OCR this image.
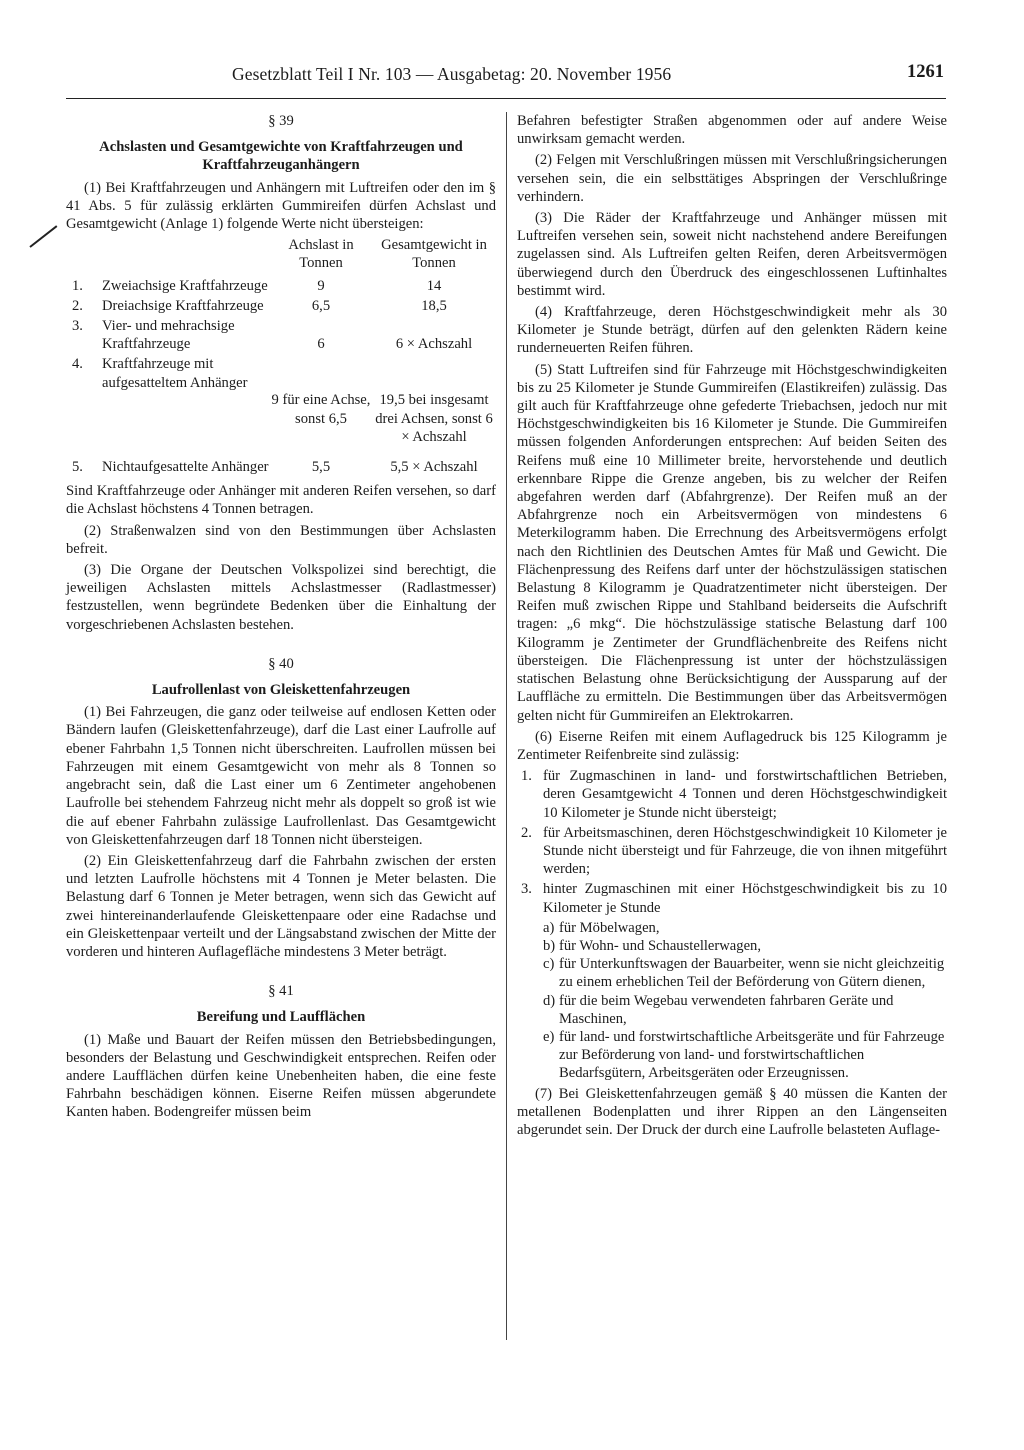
Gesetzblatt Teil I Nr. 103 — Ausgabetag: 20. November 1956	1261

§ 39

Achslasten und Gesamtgewichte von Kraftfahrzeugen und Kraftfahrzeuganhängern

(1) Bei Kraftfahrzeugen und Anhängern mit Luftreifen oder den im § 41 Abs. 5 für zulässig erklärten Gummireifen dürfen Achslast und Gesamtgewicht (Anlage 1) folgende Werte nicht übersteigen:

		Achslast in Tonnen	Gesamtgewicht in Tonnen
1.	Zweiachsige Kraftfahrzeuge	9	14
2.	Dreiachsige Kraftfahrzeuge	6,5	18,5
3.	Vier- und mehrachsige Kraftfahrzeuge	6	6 × Achszahl
4.	Kraftfahrzeuge mit aufgesatteltem Anhänger	9 für eine Achse, sonst 6,5	19,5 bei insgesamt drei Achsen, sonst 6 × Achszahl
5.	Nichtaufgesattelte Anhänger	5,5	5,5 × Achszahl

Sind Kraftfahrzeuge oder Anhänger mit anderen Reifen versehen, so darf die Achslast höchstens 4 Tonnen betragen.

(2) Straßenwalzen sind von den Bestimmungen über Achslasten befreit.

(3) Die Organe der Deutschen Volkspolizei sind berechtigt, die jeweiligen Achslasten mittels Achslastmesser (Radlastmesser) festzustellen, wenn begründete Bedenken über die Einhaltung der vorgeschriebenen Achslasten bestehen.

§ 40

Laufrollenlast von Gleiskettenfahrzeugen

(1) Bei Fahrzeugen, die ganz oder teilweise auf endlosen Ketten oder Bändern laufen (Gleiskettenfahrzeuge), darf die Last einer Laufrolle auf ebener Fahrbahn 1,5 Tonnen nicht überschreiten. Laufrollen müssen bei Fahrzeugen mit einem Gesamtgewicht von mehr als 8 Tonnen so angebracht sein, daß die Last einer um 6 Zentimeter angehobenen Laufrolle bei stehendem Fahrzeug nicht mehr als doppelt so groß ist wie die auf ebener Fahrbahn zulässige Laufrollenlast. Das Gesamtgewicht von Gleiskettenfahrzeugen darf 18 Tonnen nicht übersteigen.

(2) Ein Gleiskettenfahrzeug darf die Fahrbahn zwischen der ersten und letzten Laufrolle höchstens mit 4 Tonnen je Meter belasten. Die Belastung darf 6 Tonnen je Meter betragen, wenn sich das Gewicht auf zwei hintereinanderlaufende Gleiskettenpaare oder eine Radachse und ein Gleiskettenpaar verteilt und der Längsabstand zwischen der Mitte der vorderen und hinteren Auflagefläche mindestens 3 Meter beträgt.

§ 41

Bereifung und Laufflächen

(1) Maße und Bauart der Reifen müssen den Betriebsbedingungen, besonders der Belastung und Geschwindigkeit entsprechen. Reifen oder andere Laufflächen dürfen keine Unebenheiten haben, die eine feste Fahrbahn beschädigen können. Eiserne Reifen müssen abgerundete Kanten haben. Bodengreifer müssen beim

Befahren befestigter Straßen abgenommen oder auf andere Weise unwirksam gemacht werden.

(2) Felgen mit Verschlußringen müssen mit Verschlußringsicherungen versehen sein, die ein selbsttätiges Abspringen der Verschlußringe verhindern.

(3) Die Räder der Kraftfahrzeuge und Anhänger müssen mit Luftreifen versehen sein, soweit nicht nachstehend andere Bereifungen zugelassen sind. Als Luftreifen gelten Reifen, deren Arbeitsvermögen überwiegend durch den Überdruck des eingeschlossenen Luftinhaltes bestimmt wird.

(4) Kraftfahrzeuge, deren Höchstgeschwindigkeit mehr als 30 Kilometer je Stunde beträgt, dürfen auf den gelenkten Rädern keine runderneuerten Reifen führen.

(5) Statt Luftreifen sind für Fahrzeuge mit Höchstgeschwindigkeiten bis zu 25 Kilometer je Stunde Gummireifen (Elastikreifen) zulässig. Das gilt auch für Kraftfahrzeuge ohne gefederte Triebachsen, jedoch nur mit Höchstgeschwindigkeiten bis 16 Kilometer je Stunde. Die Gummireifen müssen folgenden Anforderungen entsprechen: Auf beiden Seiten des Reifens muß eine 10 Millimeter breite, hervorstehende und deutlich erkennbare Rippe die Grenze angeben, bis zu welcher der Reifen abgefahren werden darf (Abfahrgrenze). Der Reifen muß an der Abfahrgrenze noch ein Arbeitsvermögen von mindestens 6 Meterkilogramm haben. Die Errechnung des Arbeitsvermögens erfolgt nach den Richtlinien des Deutschen Amtes für Maß und Gewicht. Die Flächenpressung des Reifens darf unter der höchstzulässigen statischen Belastung 8 Kilogramm je Quadratzentimeter nicht übersteigen. Der Reifen muß zwischen Rippe und Stahlband beiderseits die Aufschrift tragen: „6 mkg“. Die höchstzulässige statische Belastung darf 100 Kilogramm je Zentimeter der Grundflächenbreite des Reifens nicht übersteigen. Die Flächenpressung ist unter der höchstzulässigen statischen Belastung ohne Berücksichtigung der Aussparung auf der Lauffläche zu ermitteln. Die Bestimmungen über das Arbeitsvermögen gelten nicht für Gummireifen an Elektrokarren.

(6) Eiserne Reifen mit einem Auflagedruck bis 125 Kilogramm je Zentimeter Reifenbreite sind zulässig:

1. für Zugmaschinen in land- und forstwirtschaftlichen Betrieben, deren Gesamtgewicht 4 Tonnen und deren Höchstgeschwindigkeit 10 Kilometer je Stunde nicht übersteigt;
2. für Arbeitsmaschinen, deren Höchstgeschwindigkeit 10 Kilometer je Stunde nicht übersteigt und für Fahrzeuge, die von ihnen mitgeführt werden;
3. hinter Zugmaschinen mit einer Höchstgeschwindigkeit bis zu 10 Kilometer je Stunde
a) für Möbelwagen,
b) für Wohn- und Schaustellerwagen,
c) für Unterkunftswagen der Bauarbeiter, wenn sie nicht gleichzeitig zu einem erheblichen Teil der Beförderung von Gütern dienen,
d) für die beim Wegebau verwendeten fahrbaren Geräte und Maschinen,
e) für land- und forstwirtschaftliche Arbeitsgeräte und für Fahrzeuge zur Beförderung von land- und forstwirtschaftlichen Bedarfsgütern, Arbeitsgeräten oder Erzeugnissen.

(7) Bei Gleiskettenfahrzeugen gemäß § 40 müssen die Kanten der metallenen Bodenplatten und ihrer Rippen an den Längenseiten abgerundet sein. Der Druck der durch eine Laufrolle belasteten Auflage-
